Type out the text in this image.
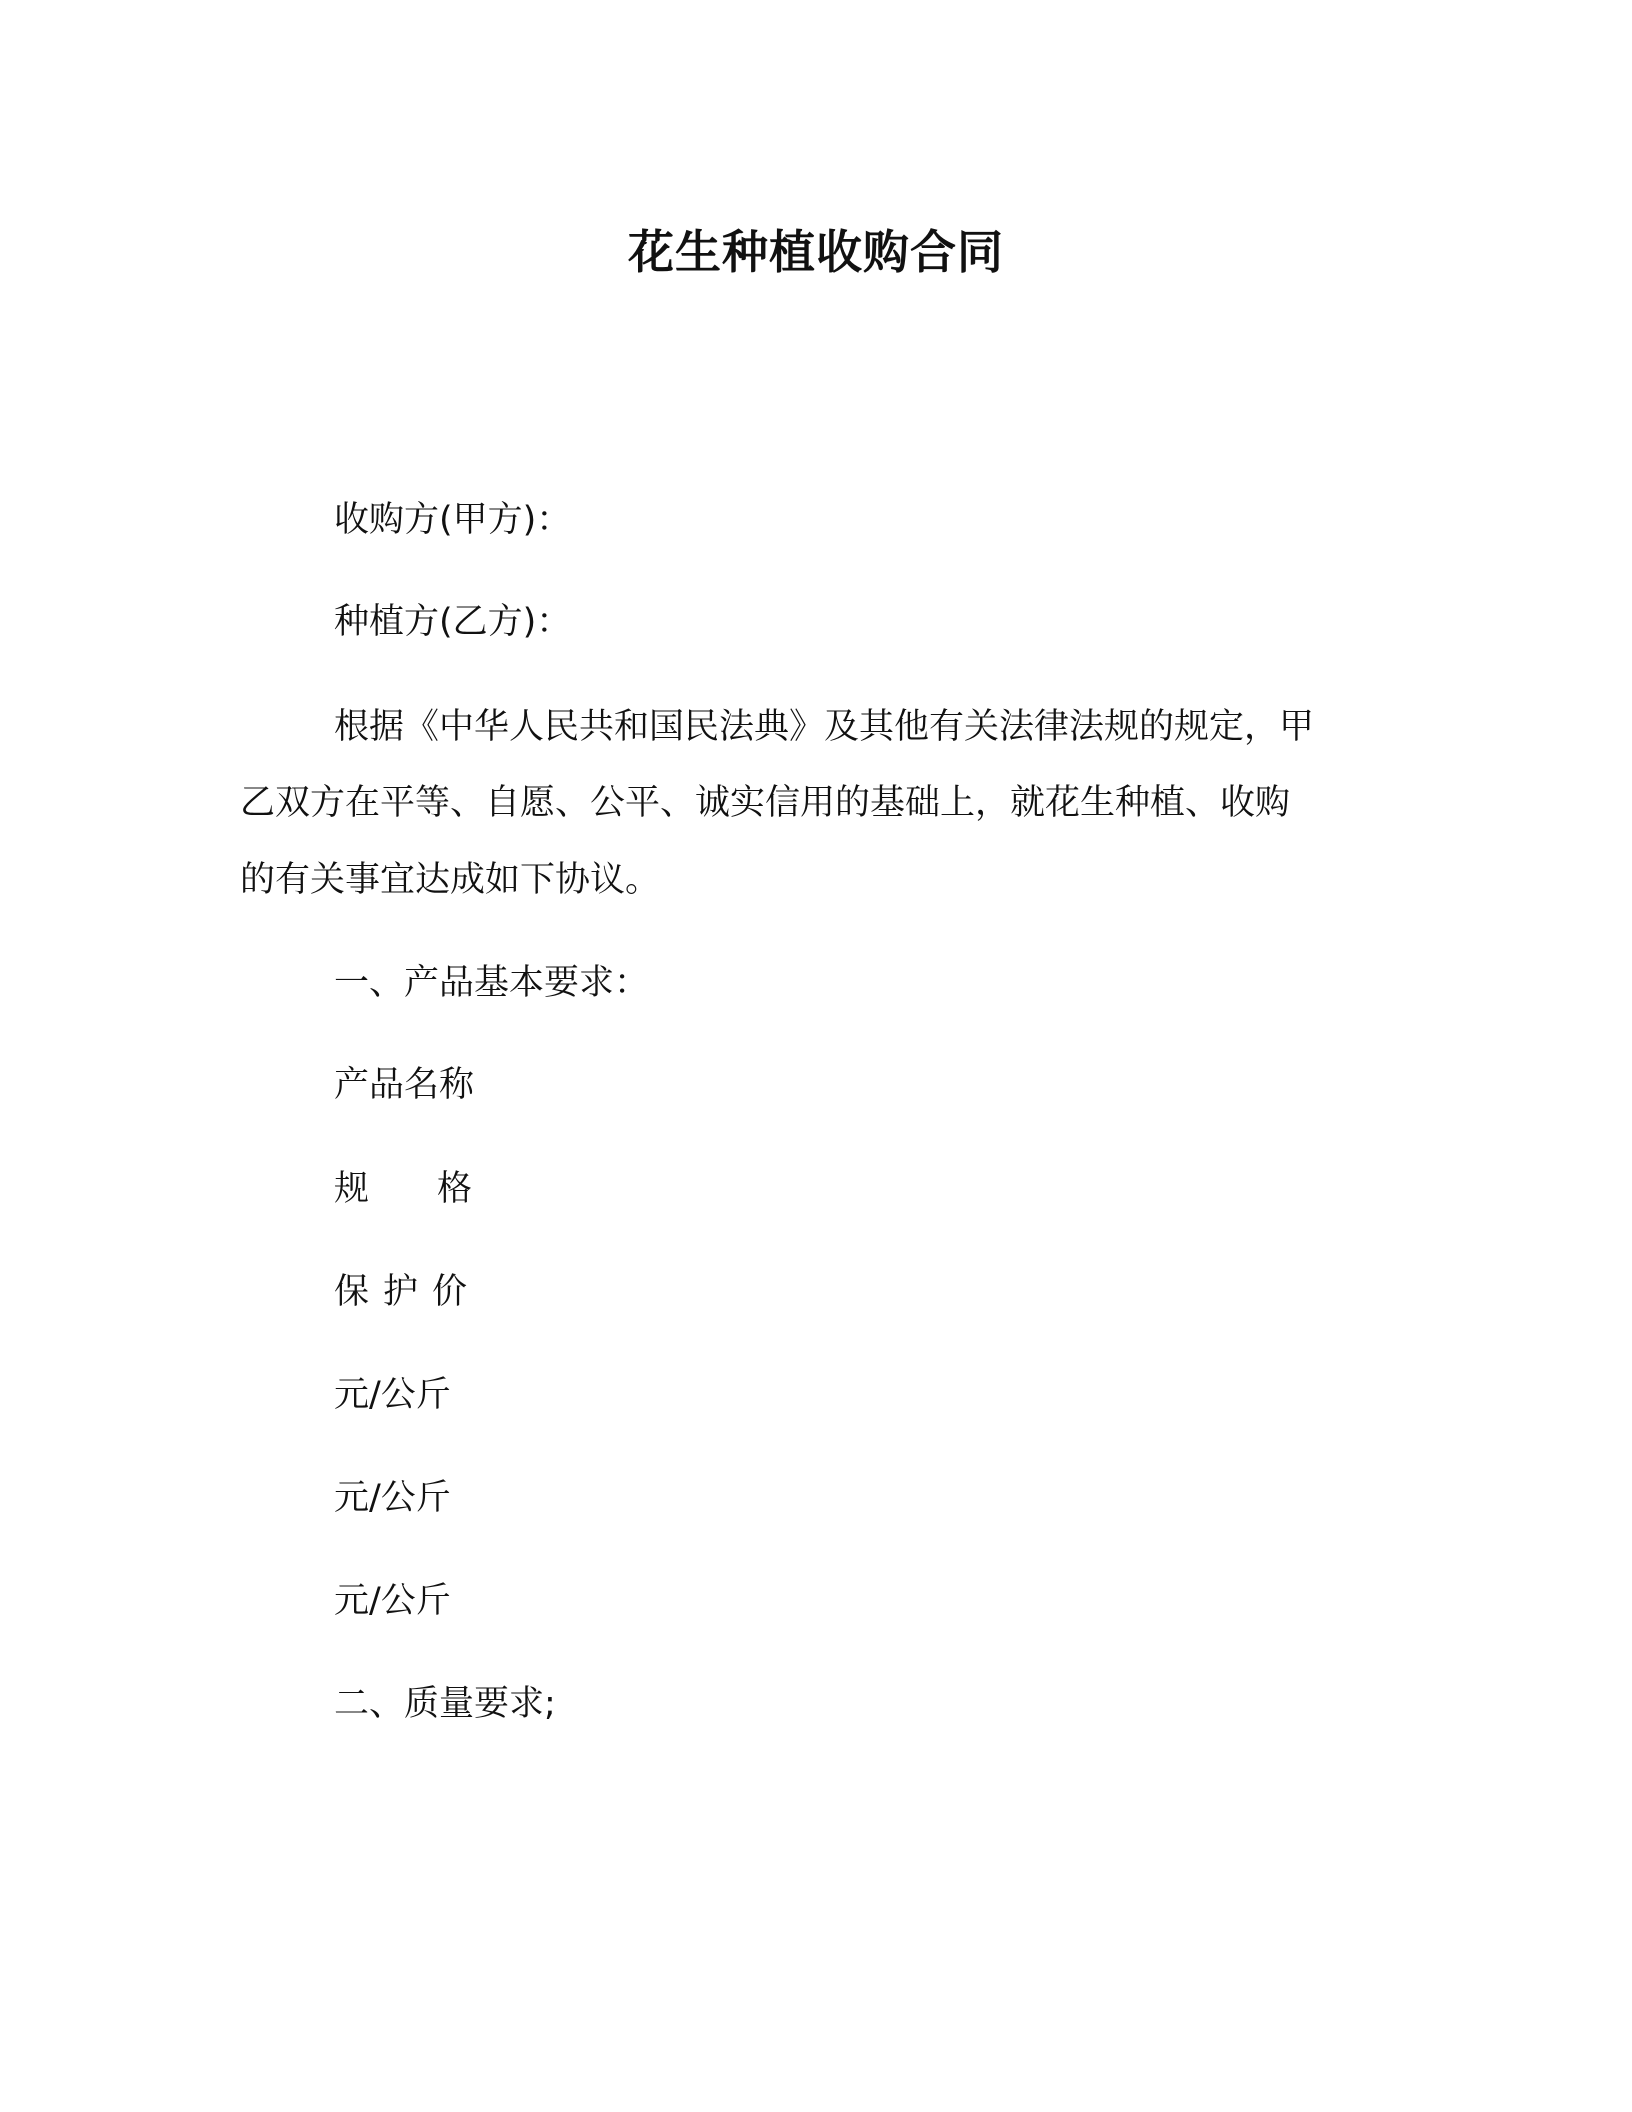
花生种植收购合同

收购方(甲方)：

种植方(乙方)：

根据《中华人民共和国民法典》及其他有关法律法规的规定，甲

乙双方在平等、自愿、公平、诚实信用的基础上，就花生种植、收购

的有关事宜达成如下协议。

一、产品基本要求：

产品名称

规 格

保 护 价

元/公斤

元/公斤

元/公斤

二、质量要求;
